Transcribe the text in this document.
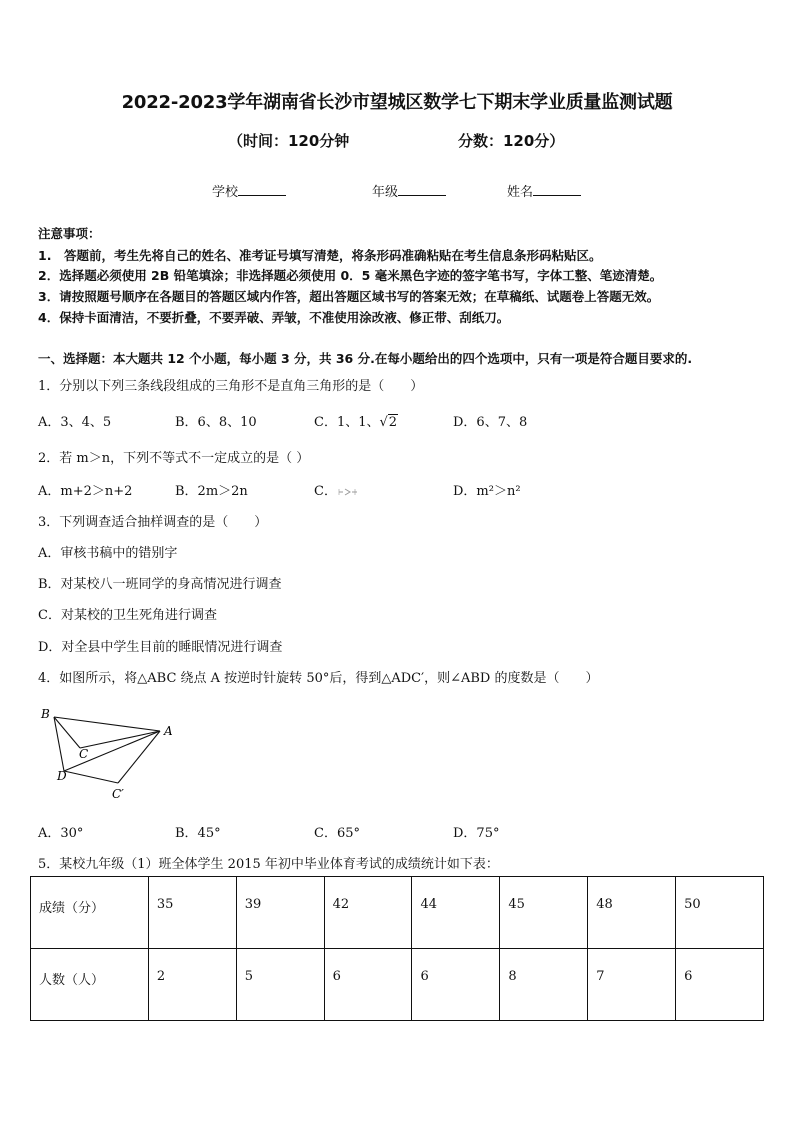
2022-2023学年湖南省长沙市望城区数学七下期末学业质量监测试题
（时间：120分钟	分数：120分）
学校	年级	姓名
注意事项：
1.　答题前，考生先将自己的姓名、准考证号填写清楚，将条形码准确粘贴在考生信息条形码粘贴区。
2．选择题必须使用 2B 铅笔填涂；非选择题必须使用 0．5 毫米黑色字迹的签字笔书写，字体工整、笔迹清楚。
3．请按照题号顺序在各题目的答题区域内作答，超出答题区域书写的答案无效；在草稿纸、试题卷上答题无效。
4．保持卡面清洁，不要折叠，不要弄破、弄皱，不准使用涂改液、修正带、刮纸刀。
一、选择题：本大题共 12 个小题，每小题 3 分，共 36 分.在每小题给出的四个选项中，只有一项是符合题目要求的.
1．分别以下列三条线段组成的三角形不是直角三角形的是（　　）
A．3、4、5	B．6、8、10	C．1、1、√2	D．6、7、8
2．若 m＞n，下列不等式不一定成立的是（ ）
A．m+2＞n+2	B．2m＞2n	C．	D．m²＞n²
3．下列调查适合抽样调查的是（　　）
A．审核书稿中的错别字
B．对某校八一班同学的身高情况进行调查
C．对某校的卫生死角进行调查
D．对全县中学生目前的睡眠情况进行调查
4．如图所示，将△ABC 绕点 A 按逆时针旋转 50°后，得到△ADC′，则∠ABD 的度数是（　　）
B
A
C
D
C′
A．30°	B．45°	C．65°	D．75°
5．某校九年级（1）班全体学生 2015 年初中毕业体育考试的成绩统计如下表：
成绩（分）	35	39	42	44	45	48	50
人数（人）	2	5	6	6	8	7	6
